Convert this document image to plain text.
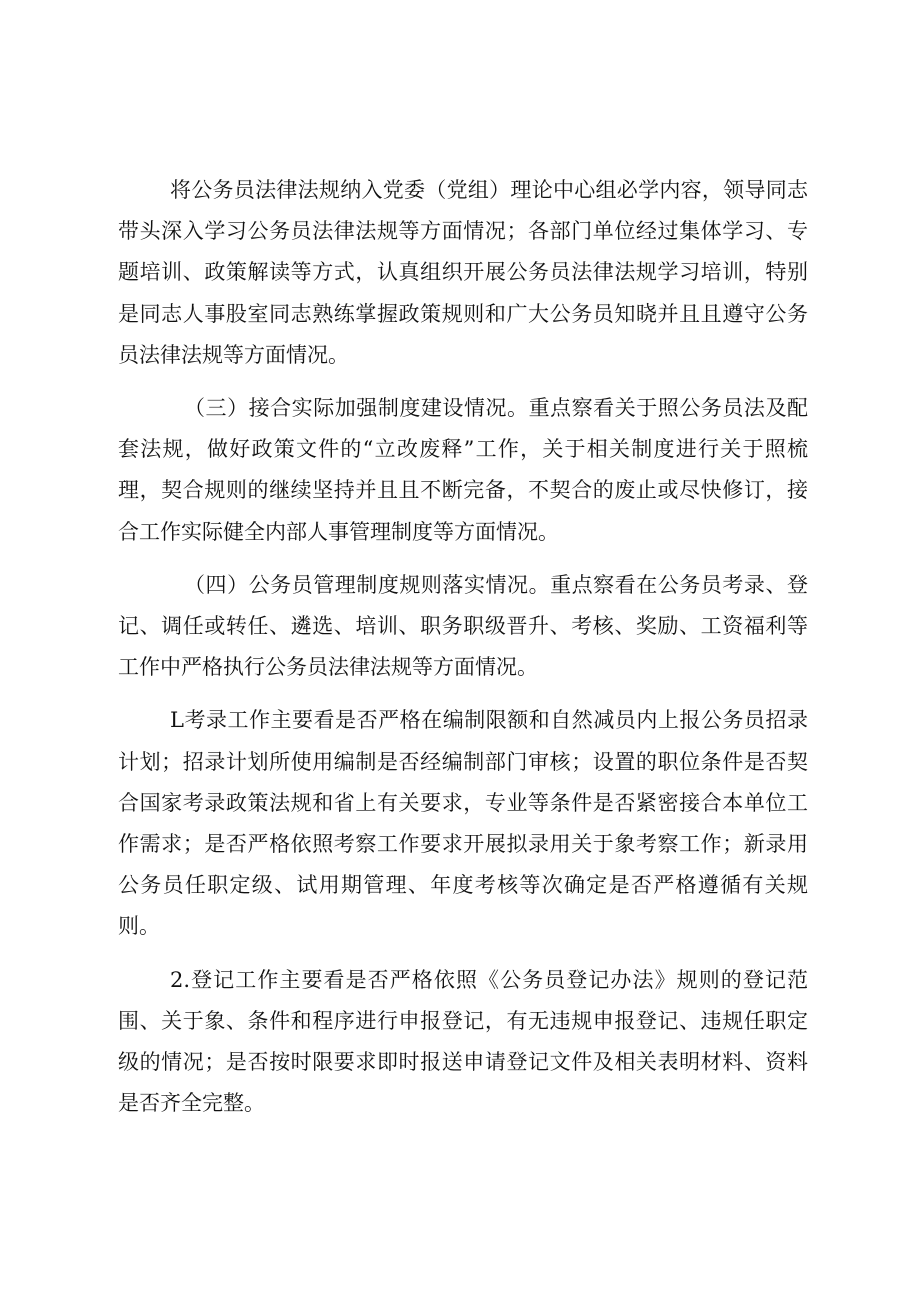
将公务员法律法规纳入党委（党组）理论中心组必学内容，领导同志带头深入学习公务员法律法规等方面情况；各部门单位经过集体学习、专题培训、政策解读等方式，认真组织开展公务员法律法规学习培训，特别是同志人事股室同志熟练掌握政策规则和广大公务员知晓并且且遵守公务员法律法规等方面情况。

（三）接合实际加强制度建设情况。重点察看关于照公务员法及配套法规，做好政策文件的“立改废释”工作，关于相关制度进行关于照梳理，契合规则的继续坚持并且且不断完备，不契合的废止或尽快修订，接合工作实际健全内部人事管理制度等方面情况。

（四）公务员管理制度规则落实情况。重点察看在公务员考录、登记、调任或转任、遴选、培训、职务职级晋升、考核、奖励、工资福利等工作中严格执行公务员法律法规等方面情况。

L考录工作主要看是否严格在编制限额和自然减员内上报公务员招录计划；招录计划所使用编制是否经编制部门审核；设置的职位条件是否契合国家考录政策法规和省上有关要求，专业等条件是否紧密接合本单位工作需求；是否严格依照考察工作要求开展拟录用关于象考察工作；新录用公务员任职定级、试用期管理、年度考核等次确定是否严格遵循有关规则。

2.登记工作主要看是否严格依照《公务员登记办法》规则的登记范围、关于象、条件和程序进行申报登记，有无违规申报登记、违规任职定级的情况；是否按时限要求即时报送申请登记文件及相关表明材料、资料是否齐全完整。
